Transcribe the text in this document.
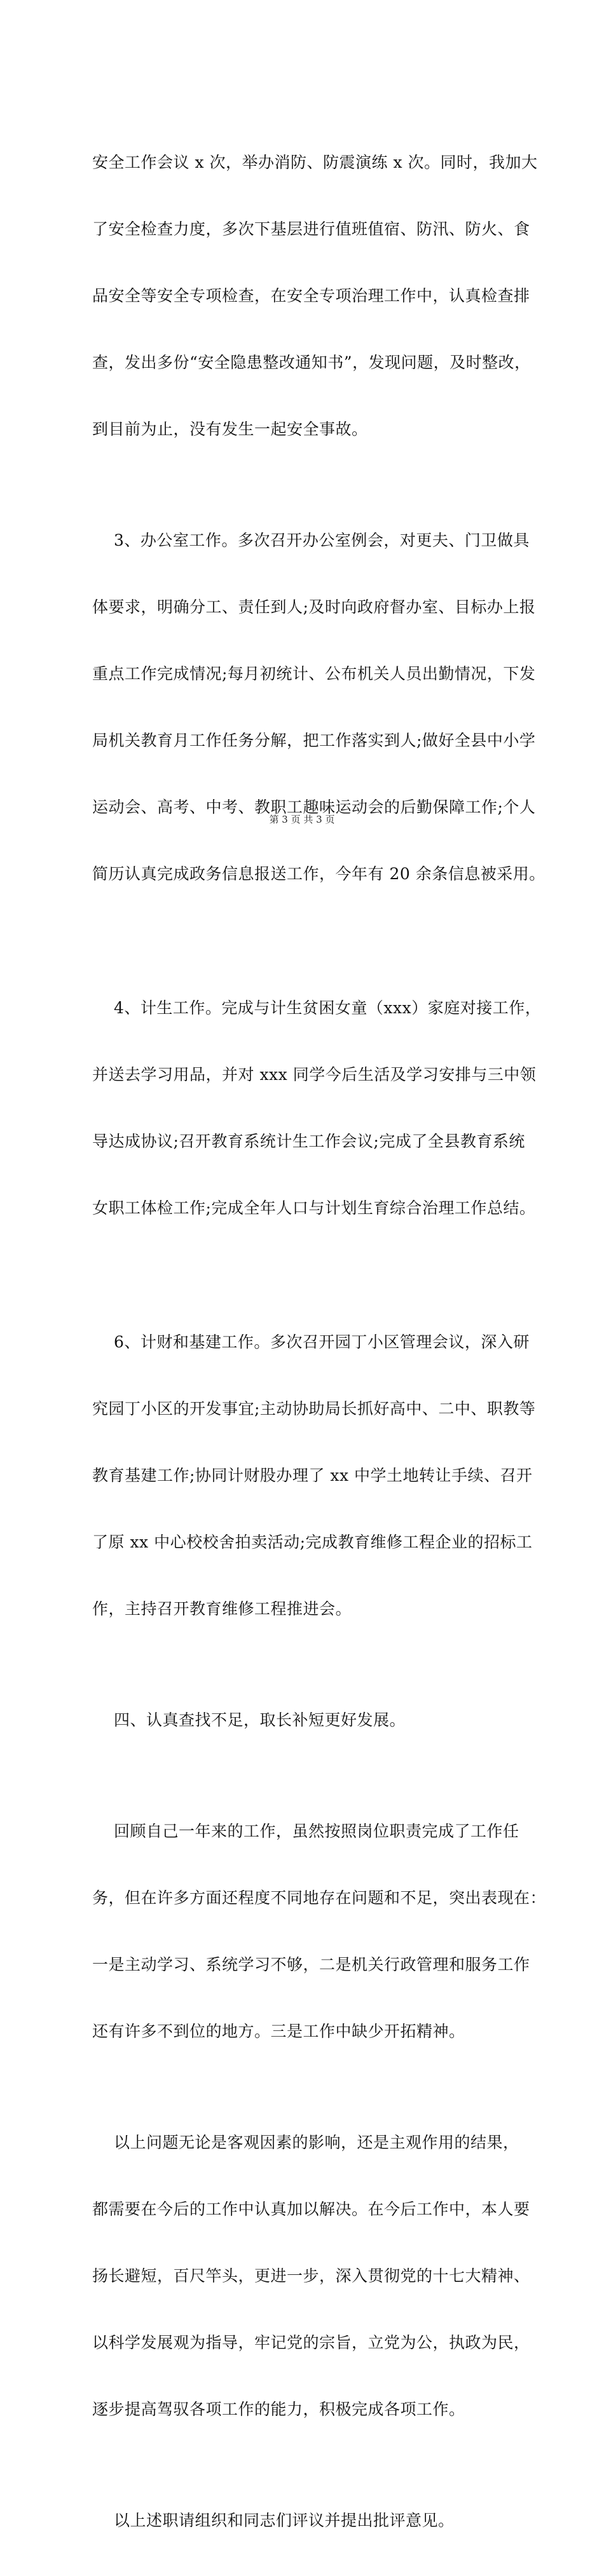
安全工作会议 x 次，举办消防、防震演练 x 次。同时，我加大

了安全检查力度，多次下基层进行值班值宿、防汛、防火、食

品安全等安全专项检查，在安全专项治理工作中，认真检查排

查，发出多份“安全隐患整改通知书”，发现问题，及时整改，

到目前为止，没有发生一起安全事故。

3、办公室工作。多次召开办公室例会，对更夫、门卫做具

体要求，明确分工、责任到人;及时向政府督办室、目标办上报

重点工作完成情况;每月初统计、公布机关人员出勤情况，下发

局机关教育月工作任务分解，把工作落实到人;做好全县中小学

运动会、高考、中考、教职工趣味运动会的后勤保障工作;个人

简历认真完成政务信息报送工作，今年有 20 余条信息被采用。

4、计生工作。完成与计生贫困女童（xxx）家庭对接工作，

并送去学习用品，并对 xxx 同学今后生活及学习安排与三中领

导达成协议;召开教育系统计生工作会议;完成了全县教育系统

女职工体检工作;完成全年人口与计划生育综合治理工作总结。

6、计财和基建工作。多次召开园丁小区管理会议，深入研

究园丁小区的开发事宜;主动协助局长抓好高中、二中、职教等

教育基建工作;协同计财股办理了 xx 中学土地转让手续、召开

了原 xx 中心校校舍拍卖活动;完成教育维修工程企业的招标工

作，主持召开教育维修工程推进会。

四、认真查找不足，取长补短更好发展。

回顾自己一年来的工作，虽然按照岗位职责完成了工作任

务，但在许多方面还程度不同地存在问题和不足，突出表现在：

一是主动学习、系统学习不够，二是机关行政管理和服务工作

还有许多不到位的地方。三是工作中缺少开拓精神。

以上问题无论是客观因素的影响，还是主观作用的结果，

都需要在今后的工作中认真加以解决。在今后工作中，本人要

扬长避短，百尺竿头，更进一步，深入贯彻党的十七大精神、

以科学发展观为指导，牢记党的宗旨，立党为公，执政为民，

逐步提高驾驭各项工作的能力，积极完成各项工作。

以上述职请组织和同志们评议并提出批评意见。

第 3 页 共 3 页
